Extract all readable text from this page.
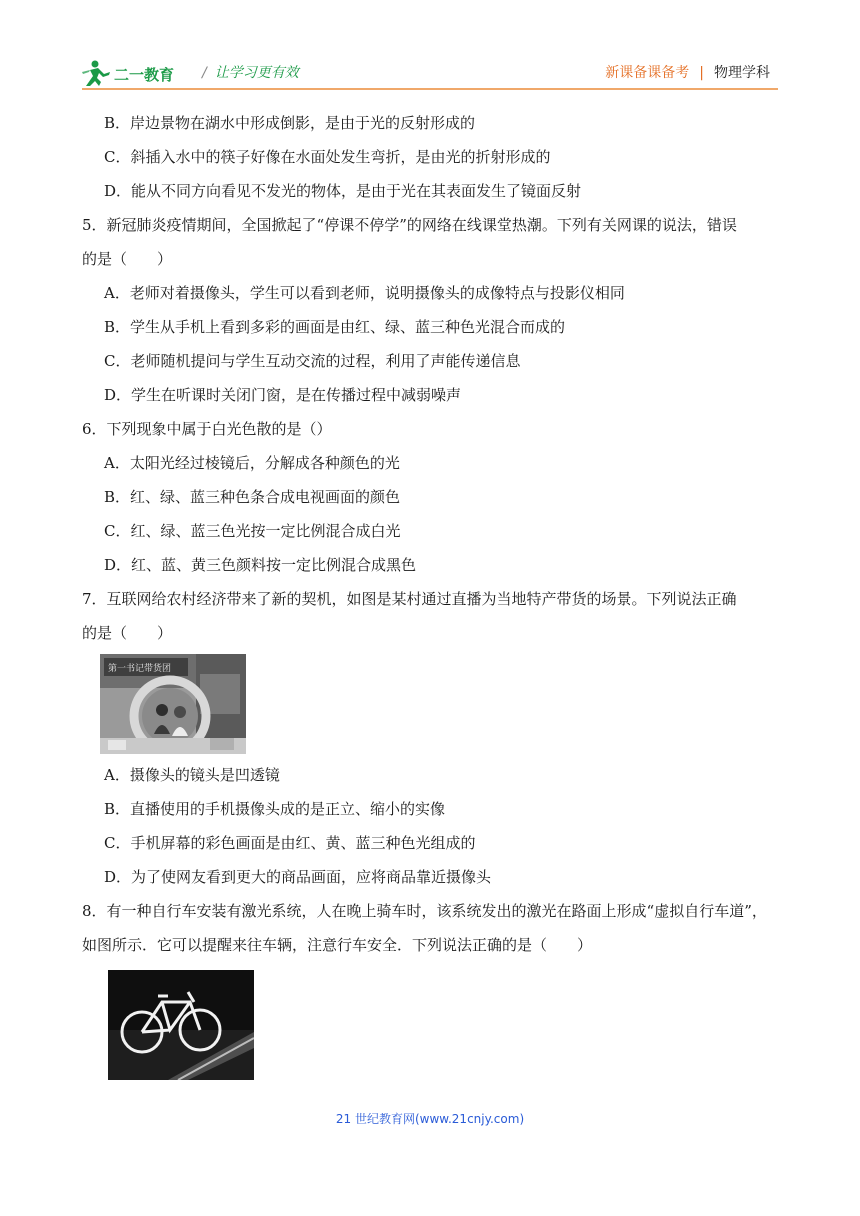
二一教育 / 让学习更有效	新课备课备考 | 物理学科
B．岸边景物在湖水中形成倒影，是由于光的反射形成的
C．斜插入水中的筷子好像在水面处发生弯折，是由光的折射形成的
D．能从不同方向看见不发光的物体，是由于光在其表面发生了镜面反射
5．新冠肺炎疫情期间，全国掀起了“停课不停学”的网络在线课堂热潮。下列有关网课的说法，错误
的是（　　）
A．老师对着摄像头，学生可以看到老师，说明摄像头的成像特点与投影仪相同
B．学生从手机上看到多彩的画面是由红、绿、蓝三种色光混合而成的
C．老师随机提问与学生互动交流的过程，利用了声能传递信息
D．学生在听课时关闭门窗，是在传播过程中减弱噪声
6．下列现象中属于白光色散的是（）
A．太阳光经过棱镜后，分解成各种颜色的光
B．红、绿、蓝三种色条合成电视画面的颜色
C．红、绿、蓝三色光按一定比例混合成白光
D．红、蓝、黄三色颜料按一定比例混合成黑色
7．互联网给农村经济带来了新的契机，如图是某村通过直播为当地特产带货的场景。下列说法正确
的是（　　）
第一书记带货团
A．摄像头的镜头是凹透镜
B．直播使用的手机摄像头成的是正立、缩小的实像
C．手机屏幕的彩色画面是由红、黄、蓝三种色光组成的
D．为了使网友看到更大的商品画面，应将商品靠近摄像头
8．有一种自行车安装有激光系统，人在晚上骑车时，该系统发出的激光在路面上形成“虚拟自行车道”，
如图所示．它可以提醒来往车辆，注意行车安全．下列说法正确的是（　　）
21 世纪教育网(www.21cnjy.com)
